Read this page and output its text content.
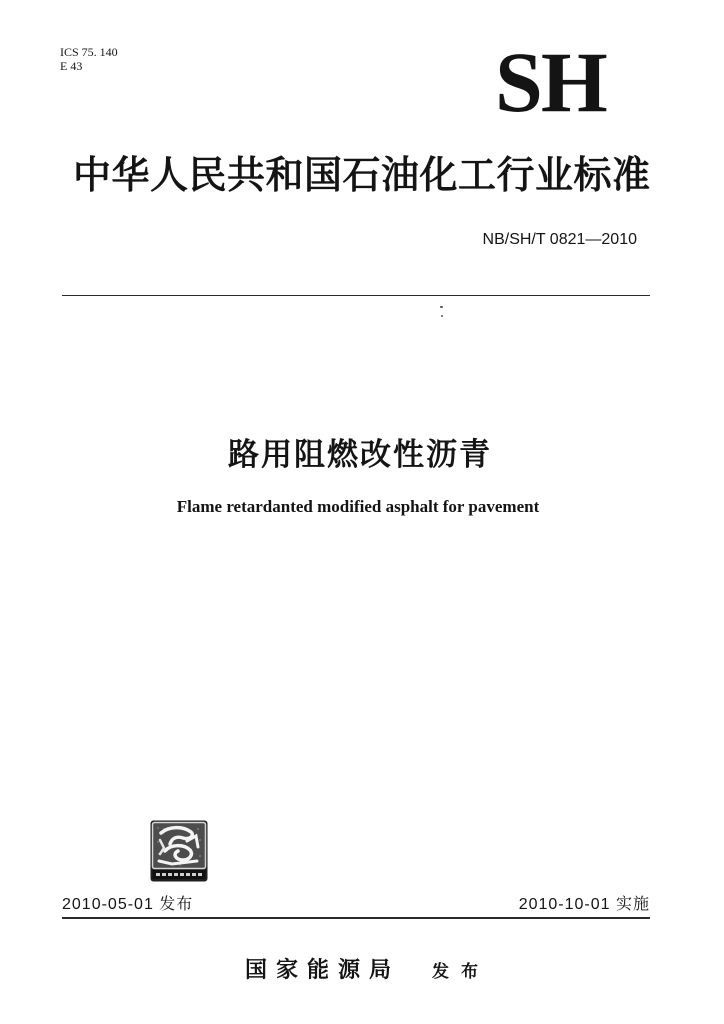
ICS 75. 140
E 43	SH
中华人民共和国石油化工行业标准
NB/SH/T 0821—2010
路用阻燃改性沥青
Flame retardanted modified asphalt for pavement
2010-05-01 发布	2010-10-01 实施
国家能源局 发布
